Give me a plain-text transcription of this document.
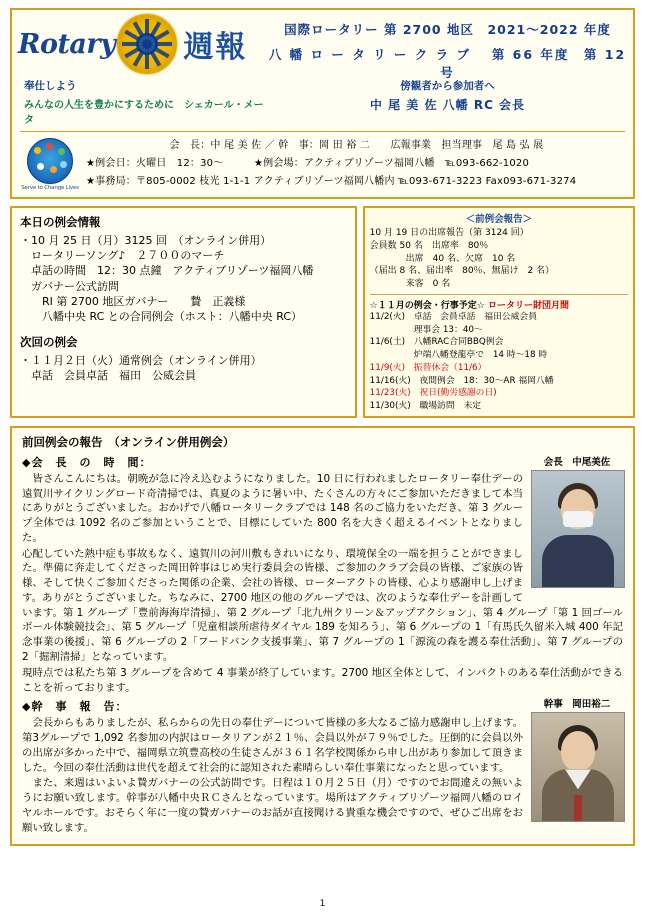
Rotary 週報
国際ロータリー 第 2700 地区　2021～2022 年度
八 幡 ロ ー タ リ ー ク ラ ブ 　第 66 年度　第 12 号
奉仕しよう
みんなの人生を豊かにするために　シェカール・メータ
傍観者から参加者へ
中 尾 美 佐 八幡 RC 会長
Serve to Change Lives
会　長：中 尾 美 佐 ／ 幹　事：岡 田 裕 二　　広報事業　担当理事　尾 島 弘 展
★例会日：火曜日　12：30～　　　★例会場：アクティブリゾーツ福岡八幡　℡093-662-1020
★事務局：〒805-0002 枝光 1-1-1 アクティブリゾーツ福岡八幡内 ℡093-671-3223 Fax093-671-3274
本日の例会情報
・10 月 25 日（月）3125 回　（オンライン併用）
　ロータリーソング♪　２７００のマーチ
　卓話の時間　12：30 点鐘　アクティブリゾーツ福岡八幡
　ガバナー公式訪問
　　RI 第 2700 地区ガバナー　　贄　正義様
　　八幡中央 RC との合同例会（ホスト：八幡中央 RC）
次回の例会
・１１月２日（火）通常例会（オンライン併用）
　卓話　会員卓話　福田　公威会員
＜前例会報告＞
10 月 19 日の出席報告（第 3124 回）
会員数 50 名　出席率　80％
　　　　出席　40 名、欠席　10 名
（届出 8 名、届出率　80％、無届け　2 名）
　　　　来客　0 名
☆１１月の例会・行事予定☆ ロータリー財団月間
11/2(火)　卓話　会員卓話　福田公威会員
　　　　　理事会 13：40～
11/6(土)　八幡RAC合同BBQ例会
　　　　　炉端八幡登龍亭で　14 時～18 時
11/9(火)　振替休会（11/6）
11/16(火)　夜間例会　18：30～AR 福岡八幡
11/23(火)　祝日(勤労感謝の日)
11/30(火)　職場訪問　未定
前回例会の報告　（オンライン併用例会）
会長　中尾美佐
◆会　長　の　時　間：

　皆さんこんにちは。朝晩が急に冷え込むようになりました。10 日に行われましたロータリー奉仕デーの遠賀川サイクリングロード奇清掃では、真夏のように暑い中、たくさんの方々にご参加いただきまして本当にありがとうございました。おかげで八幡ロータリークラブでは 148 名のご協力をいただき、第 3 グループ全体では 1092 名のご参加ということで、目標にしていた 800 名を大きく超えるイベントとなりました。

心配していた熱中症も事故もなく、遠賀川の河川敷もきれいになり、環境保全の一端を担うことができました。準備に奔走してくださった岡田幹事はじめ実行委員会の皆様、ご参加のクラブ会員の皆様、ご家族の皆様、そして快くご参加くださった関係の企業、会社の皆様、ローターアクトの皆様、心より感謝申し上げます。ありがとうございました。ちなみに、2700 地区の他のグループでは、次のような奉仕デーを計画しています。第 1 グループ「豊前海海岸清掃」、第 2 グループ「北九州クリーン＆アップアクション」、第 4 グループ「第 1 回ゴールボール体験競技会」、第 5 グループ「児童相談所虐待ダイヤル 189 を知ろう」、第 6 グループの 1「有馬氏久留米入城 400 年記念事業の後援」、第 6 グループの 2「フードバンク支援事業」、第 7 グループの 1「源流の森を護る奉仕活動」、第 7 グループの 2「掘割清掃」となっています。

現時点では私たち第 3 グループを含めて 4 事業が終了しています。2700 地区全体として、インパクトのある奉仕活動ができることを祈っております。

幹事　岡田裕二
◆幹　事　報　告：

　会長からもありましたが、私らからの先日の奉仕デーについて皆様の多大なるご協力感謝申し上げます。第3グループで 1,092 名参加の内訳はロータリアンが２１％、会員以外が７９％でした。圧倒的に会員以外の出席が多かった中で、福岡県立筑豊高校の生徒さんが３６１名学校関係から申し出があり参加して頂きました。今回の奉仕活動は世代を超えて社会的に認知された素晴らしい奉仕事業になったと思っています。

　また、来週はいよいよ贄ガバナーの公式訪問です。日程は１０月２５日（月）ですのでお間違えの無いようにお願い致します。幹事が八幡中央ＲＣさんとなっています。場所はアクティブリゾーツ福岡八幡のロイヤルホールです。おそらく年に一度の贄ガバナーのお話が直接聞ける貴重な機会ですので、ぜひご出席をお願い致します。

1
